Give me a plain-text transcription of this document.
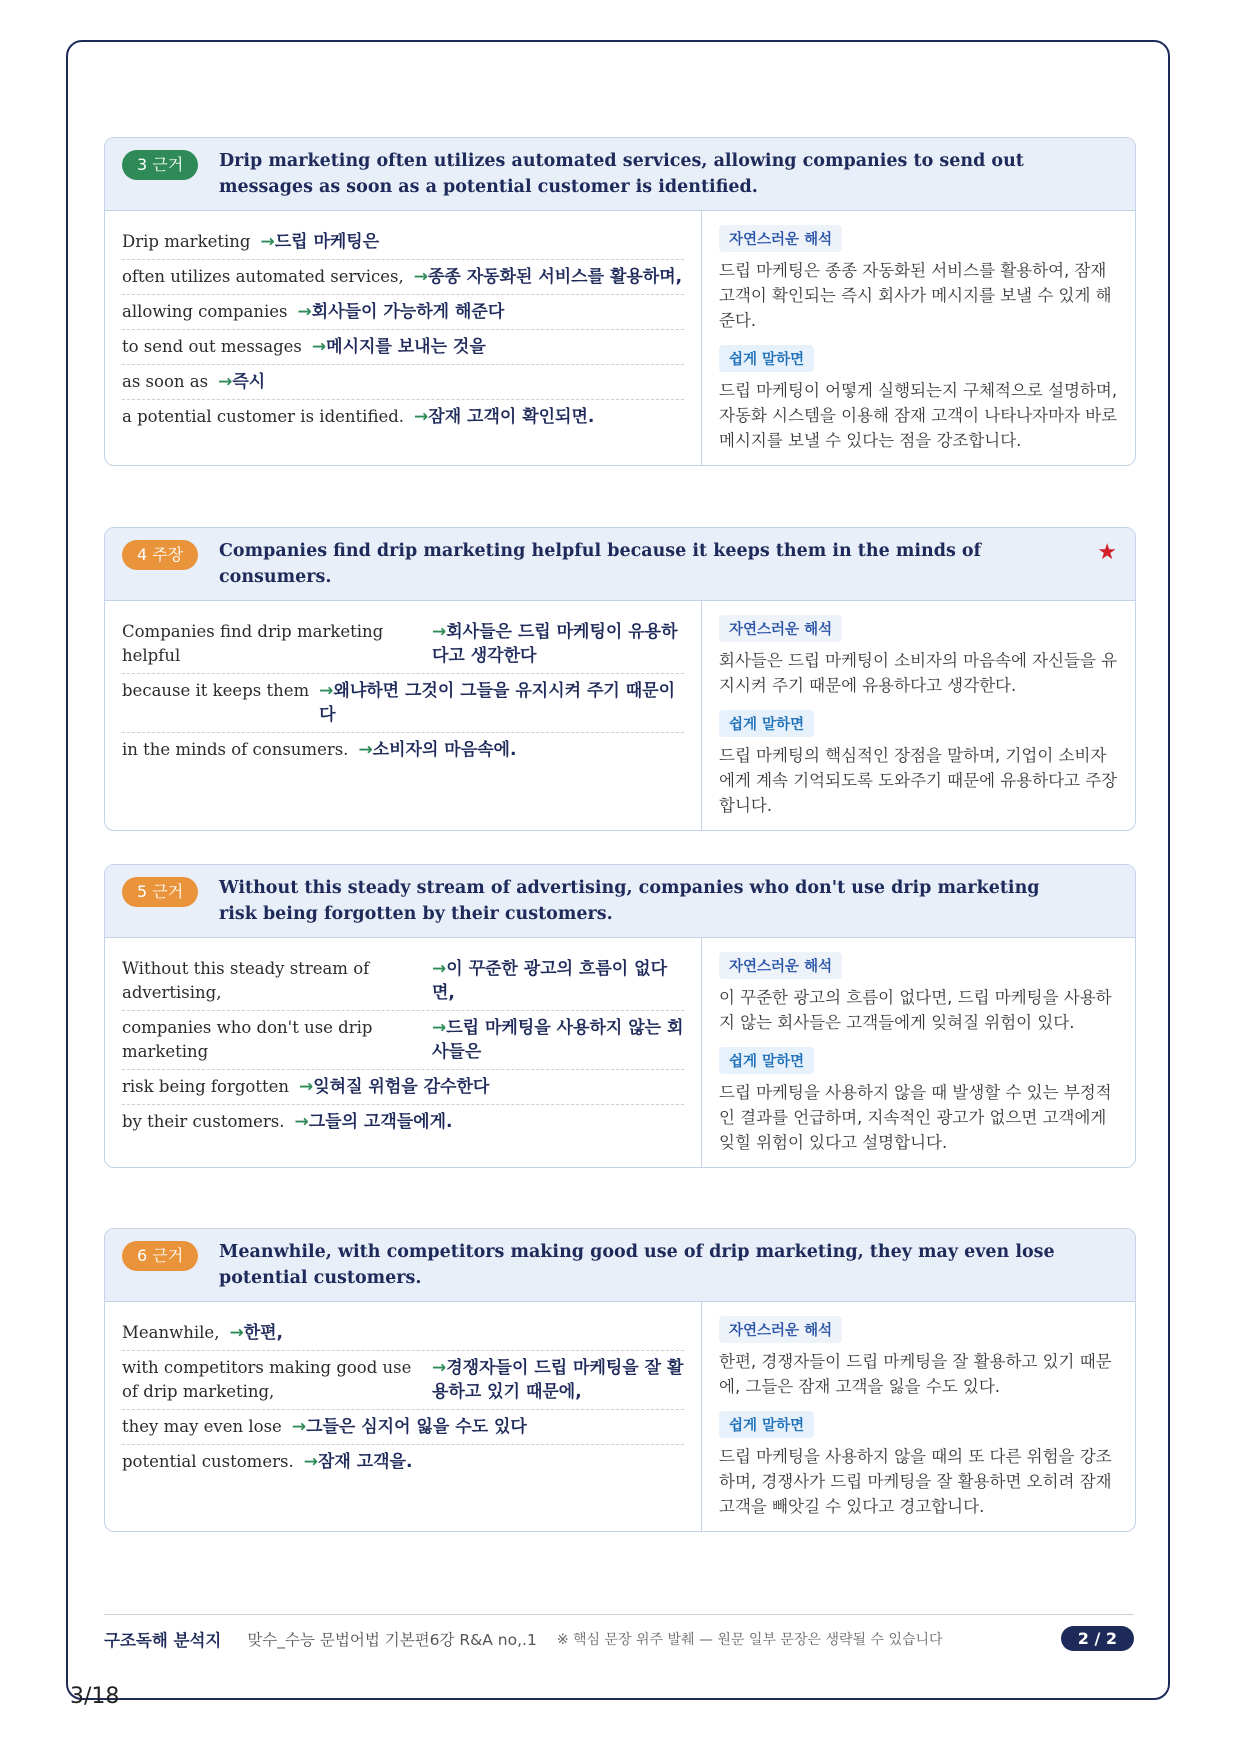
3 근거	Drip marketing often utilizes automated services, allowing companies to send out messages as soon as a potential customer is identified.
Drip marketing →드립 마케팅은
often utilizes automated services, →종종 자동화된 서비스를 활용하며,
allowing companies →회사들이 가능하게 해준다
to send out messages →메시지를 보내는 것을
as soon as →즉시
a potential customer is identified. →잠재 고객이 확인되면.
자연스러운 해석
드립 마케팅은 종종 자동화된 서비스를 활용하여, 잠재 고객이 확인되는 즉시 회사가 메시지를 보낼 수 있게 해준다.
쉽게 말하면
드립 마케팅이 어떻게 실행되는지 구체적으로 설명하며, 자동화 시스템을 이용해 잠재 고객이 나타나자마자 바로 메시지를 보낼 수 있다는 점을 강조합니다.
4 주장	Companies find drip marketing helpful because it keeps them in the minds of consumers.
★
Companies find drip marketing helpful
→회사들은 드립 마케팅이 유용하다고 생각한다
because it keeps them →왜냐하면 그것이 그들을 유지시켜 주기 때문이다
in the minds of consumers. →소비자의 마음속에.
자연스러운 해석
회사들은 드립 마케팅이 소비자의 마음속에 자신들을 유지시켜 주기 때문에 유용하다고 생각한다.
쉽게 말하면
드립 마케팅의 핵심적인 장점을 말하며, 기업이 소비자에게 계속 기억되도록 도와주기 때문에 유용하다고 주장합니다.
5 근거	Without this steady stream of advertising, companies who don't use drip marketing risk being forgotten by their customers.
Without this steady stream of advertising,
→이 꾸준한 광고의 흐름이 없다면,
companies who don't use drip marketing
→드립 마케팅을 사용하지 않는 회사들은
risk being forgotten →잊혀질 위험을 감수한다
by their customers. →그들의 고객들에게.
자연스러운 해석
이 꾸준한 광고의 흐름이 없다면, 드립 마케팅을 사용하지 않는 회사들은 고객들에게 잊혀질 위험이 있다.
쉽게 말하면
드립 마케팅을 사용하지 않을 때 발생할 수 있는 부정적인 결과를 언급하며, 지속적인 광고가 없으면 고객에게 잊힐 위험이 있다고 설명합니다.
6 근거	Meanwhile, with competitors making good use of drip marketing, they may even lose potential customers.
Meanwhile, →한편,
with competitors making good use of drip marketing,
→경쟁자들이 드립 마케팅을 잘 활용하고 있기 때문에,
they may even lose →그들은 심지어 잃을 수도 있다
potential customers. →잠재 고객을.
자연스러운 해석
한편, 경쟁자들이 드립 마케팅을 잘 활용하고 있기 때문에, 그들은 잠재 고객을 잃을 수도 있다.
쉽게 말하면
드립 마케팅을 사용하지 않을 때의 또 다른 위험을 강조하며, 경쟁사가 드립 마케팅을 잘 활용하면 오히려 잠재 고객을 빼앗길 수 있다고 경고합니다.
구조독해 분석지 맞수_수능 문법어법 기본편6강 R&A no,.1 ※ 핵심 문장 위주 발췌 — 원문 일부 문장은 생략될 수 있습니다	2 / 2
3/18
